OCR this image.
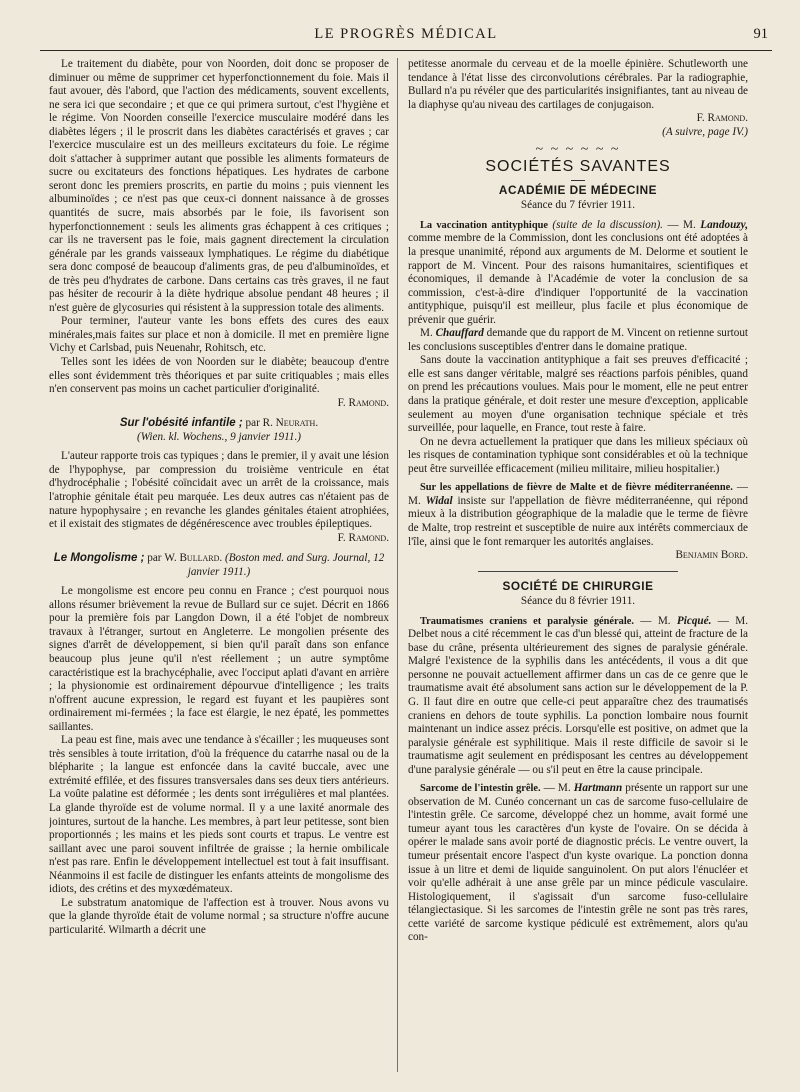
LE PROGRÈS MÉDICAL	91

Le traitement du diabète, pour von Noorden, doit donc se proposer de diminuer ou même de supprimer cet hyperfonctionnement du foie. Mais il faut avouer, dès l'abord, que l'action des médicaments, souvent excellents, ne sera ici que secondaire ; et que ce qui primera surtout, c'est l'hygiène et le régime. Von Noorden conseille l'exercice musculaire modéré dans les diabètes légers ; il le proscrit dans les diabètes caractérisés et graves ; car l'exercice musculaire est un des meilleurs excitateurs du foie. Le régime doit s'attacher à supprimer autant que possible les aliments formateurs de sucre ou excitateurs des fonctions hépatiques. Les hydrates de carbone seront donc les premiers proscrits, en partie du moins ; puis viennent les albuminoïdes ; ce n'est pas que ceux-ci donnent naissance à de grosses quantités de sucre, mais absorbés par le foie, ils favorisent son hyperfonctionnement : seuls les aliments gras échappent à ces critiques ; car ils ne traversent pas le foie, mais gagnent directement la circulation générale par les grands vaisseaux lymphatiques. Le régime du diabétique sera donc composé de beaucoup d'aliments gras, de peu d'albuminoïdes, et de très peu d'hydrates de carbone. Dans certains cas très graves, il ne faut pas hésiter de recourir à la diète hydrique absolue pendant 48 heures ; il n'est guère de glycosuries qui résistent à la suppression totale des aliments.

Pour terminer, l'auteur vante les bons effets des cures des eaux minérales,mais faites sur place et non à domicile. Il met en première ligne Vichy et Carlsbad, puis Neuenahr, Rohitsch, etc.

Telles sont les idées de von Noorden sur le diabète; beaucoup d'entre elles sont évidemment très théoriques et par suite critiquables ; mais elles n'en conservent pas moins un cachet particulier d'originalité.

F. Ramond.

Sur l'obésité infantile ; par R. Neurath.

(Wien. kl. Wochens., 9 janvier 1911.)

L'auteur rapporte trois cas typiques ; dans le premier, il y avait une lésion de l'hypophyse, par compression du troisième ventricule en état d'hydrocéphalie ; l'obésité coïncidait avec un arrêt de la croissance, mais l'atrophie génitale était peu marquée. Les deux autres cas n'étaient pas de nature hypophysaire ; en revanche les glandes génitales étaient atrophiées, et il existait des stigmates de dégénérescence avec troubles épileptiques.

F. Ramond.

Le Mongolisme ; par W. Bullard. (Boston med. and Surg. Journal, 12 janvier 1911.)

Le mongolisme est encore peu connu en France ; c'est pourquoi nous allons résumer brièvement la revue de Bullard sur ce sujet. Décrit en 1866 pour la première fois par Langdon Down, il a été l'objet de nombreux travaux à l'étranger, surtout en Angleterre. Le mongolien présente des signes d'arrêt de développement, si bien qu'il paraît dans son enfance beaucoup plus jeune qu'il n'est réellement ; un autre symptôme caractéristique est la brachycéphalie, avec l'occiput aplati d'avant en arrière ; la physionomie est ordinairement dépourvue d'intelligence ; les traits n'offrent aucune expression, le regard est fuyant et les paupières sont ordinairement mi-fermées ; la face est élargie, le nez épaté, les pommettes saillantes.

La peau est fine, mais avec une tendance à s'écailler ; les muqueuses sont très sensibles à toute irritation, d'où la fréquence du catarrhe nasal ou de la blépharite ; la langue est enfoncée dans la cavité buccale, avec une extrémité effilée, et des fissures transversales dans ses deux tiers antérieurs. La voûte palatine est déformée ; les dents sont irrégulières et mal plantées. La glande thyroïde est de volume normal. Il y a une laxité anormale des jointures, surtout de la hanche. Les membres, à part leur petitesse, sont bien proportionnés ; les mains et les pieds sont courts et trapus. Le ventre est saillant avec une paroi souvent infiltrée de graisse ; la hernie ombilicale n'est pas rare. Enfin le développement intellectuel est tout à fait insuffisant. Néanmoins il est facile de distinguer les enfants atteints de mongolisme des idiots, des crétins et des myxœdémateux.

Le substratum anatomique de l'affection est à trouver. Nous avons vu que la glande thyroïde était de volume normal ; sa structure n'offre aucune particularité. Wilmarth a décrit une

petitesse anormale du cerveau et de la moelle épinière. Schutleworth une tendance à l'état lisse des circonvolutions cérébrales. Par la radiographie, Bullard n'a pu révéler que des particularités insignifiantes, tant au niveau de la diaphyse qu'au niveau des cartilages de conjugaison.

F. Ramond.

(A suivre, page IV.)

~ ~ ~ ~ ~ ~

SOCIÉTÉS SAVANTES

ACADÉMIE DE MÉDECINE

Séance du 7 février 1911.

La vaccination antityphique (suite de la discussion). — M. Landouzy, comme membre de la Commission, dont les conclusions ont été adoptées à la presque unanimité, répond aux arguments de M. Delorme et soutient le rapport de M. Vincent. Pour des raisons humanitaires, scientifiques et économiques, il demande à l'Académie de voter la conclusion de sa commission, c'est-à-dire d'indiquer l'opportunité de la vaccination antityphique, puisqu'il est meilleur, plus facile et plus économique de prévenir que guérir.

M. Chauffard demande que du rapport de M. Vincent on retienne surtout les conclusions susceptibles d'entrer dans le domaine pratique.

Sans doute la vaccination antityphique a fait ses preuves d'efficacité ; elle est sans danger véritable, malgré ses réactions parfois pénibles, quand on prend les précautions voulues. Mais pour le moment, elle ne peut entrer dans la pratique générale, et doit rester une mesure d'exception, applicable seulement au moyen d'une organisation technique spéciale et très surveillée, pour laquelle, en France, tout reste à faire.

On ne devra actuellement la pratiquer que dans les milieux spéciaux où les risques de contamination typhique sont considérables et où la technique peut être surveillée efficacement (milieu militaire, milieu hospitalier.)

Sur les appellations de fièvre de Malte et de fièvre méditerranéenne. — M. Widal insiste sur l'appellation de fièvre méditerranéenne, qui répond mieux à la distribution géographique de la maladie que le terme de fièvre de Malte, trop restreint et susceptible de nuire aux intérêts commerciaux de l'île, ainsi que le font remarquer les autorités anglaises.

Benjamin Bord.

SOCIÉTÉ DE CHIRURGIE

Séance du 8 février 1911.

Traumatismes craniens et paralysie générale. — M. Picqué. — M. Delbet nous a cité récemment le cas d'un blessé qui, atteint de fracture de la base du crâne, présenta ultérieurement des signes de paralysie générale. Malgré l'existence de la syphilis dans les antécédents, il vous a dit que personne ne pouvait actuellement affirmer dans un cas de ce genre que le traumatisme avait été absolument sans action sur le développement de la P. G. Il faut dire en outre que celle-ci peut apparaître chez des traumatisés craniens en dehors de toute syphilis. La ponction lombaire nous fournit maintenant un indice assez précis. Lorsqu'elle est positive, on admet que la paralysie générale est syphilitique. Mais il reste difficile de savoir si le traumatisme agit seulement en prédisposant les centres au développement d'une paralysie générale — ou s'il peut en être la cause principale.

Sarcome de l'intestin grêle. — M. Hartmann présente un rapport sur une observation de M. Cunéo concernant un cas de sarcome fuso-cellulaire de l'intestin grêle. Ce sarcome, développé chez un homme, avait formé une tumeur ayant tous les caractères d'un kyste de l'ovaire. On se décida à opérer le malade sans avoir porté de diagnostic précis. Le ventre ouvert, la tumeur présentait encore l'aspect d'un kyste ovarique. La ponction donna issue à un litre et demi de liquide sanguinolent. On put alors l'énucléer et voir qu'elle adhérait à une anse grêle par un mince pédicule vasculaire. Histologiquement, il s'agissait d'un sarcome fuso-cellulaire télangiectasique. Si les sarcomes de l'intestin grêle ne sont pas très rares, cette variété de sarcome kystique pédiculé est extrêmement, alors qu'au con-
